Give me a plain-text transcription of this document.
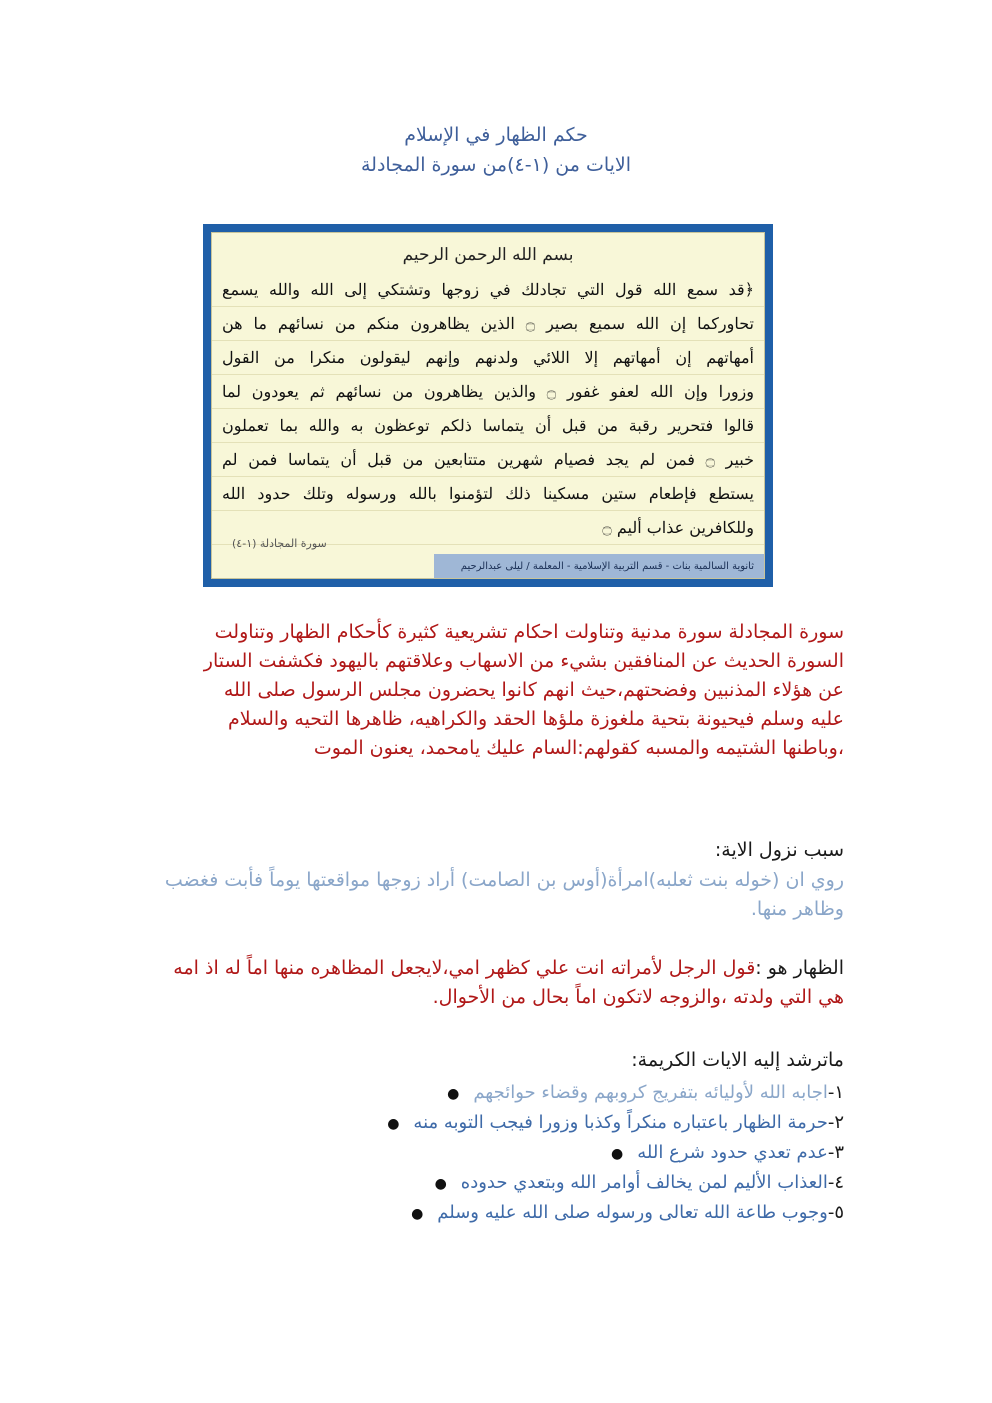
حكم الظهار في الإسلام
الايات من (١-٤)من سورة المجادلة
بسم الله الرحمن الرحيم
﴿قد سمع الله قول التي تجادلك في زوجها وتشتكي إلى الله والله يسمع
تحاوركما إن الله سميع بصير ۝ الذين يظاهرون منكم من نسائهم ما هن
أمهاتهم إن أمهاتهم إلا اللائي ولدنهم وإنهم ليقولون منكرا من القول
وزورا وإن الله لعفو غفور ۝ والذين يظاهرون من نسائهم ثم يعودون لما
قالوا فتحرير رقبة من قبل أن يتماسا ذلكم توعظون به والله بما تعملون
خبير ۝ فمن لم يجد فصيام شهرين متتابعين من قبل أن يتماسا فمن لم
يستطع فإطعام ستين مسكينا ذلك لتؤمنوا بالله ورسوله وتلك حدود الله
وللكافرين عذاب أليم ۝
سورة المجادلة (١-٤)
ثانوية السالمية بنات - قسم التربية الإسلامية - المعلمة / ليلى عبدالرحيم
سورة المجادلة سورة مدنية وتناولت احكام تشريعية كثيرة كأحكام الظهار وتناولت السورة الحديث عن المنافقين بشيء من الاسهاب وعلاقتهم باليهود فكشفت الستار عن هؤلاء المذنبين وفضحتهم،حيث انهم كانوا يحضرون مجلس الرسول صلى الله عليه وسلم فيحيونة بتحية ملغوزة ملؤها الحقد والكراهيه، ظاهرها التحيه والسلام ،وباطنها الشتيمه والمسبه كقولهم:السام عليك يامحمد، يعنون الموت
سبب نزول الاية:
روي ان (خوله بنت ثعلبه)امرأة(أوس بن الصامت) أراد زوجها مواقعتها يوماً فأبت فغضب وظاهر منها.
الظهار هو :قول الرجل لأمراته انت علي كظهر امي،لايجعل المظاهره منها اماً له اذ امه هي التي ولدته ،والزوجه لاتكون اماً بحال من الأحوال.
ماترشد إليه الايات الكريمة:
١-اجابه الله لأوليائه بتفريج كروبهم وقضاء حوائجهم●
٢-حرمة الظهار باعتباره منكراً وكذبا وزورا فيجب التوبه منه●
٣-عدم تعدي حدود شرع الله●
٤-العذاب الأليم لمن يخالف أوامر الله وبتعدي حدوده●
٥-وجوب طاعة الله تعالى ورسوله صلى الله عليه وسلم●
